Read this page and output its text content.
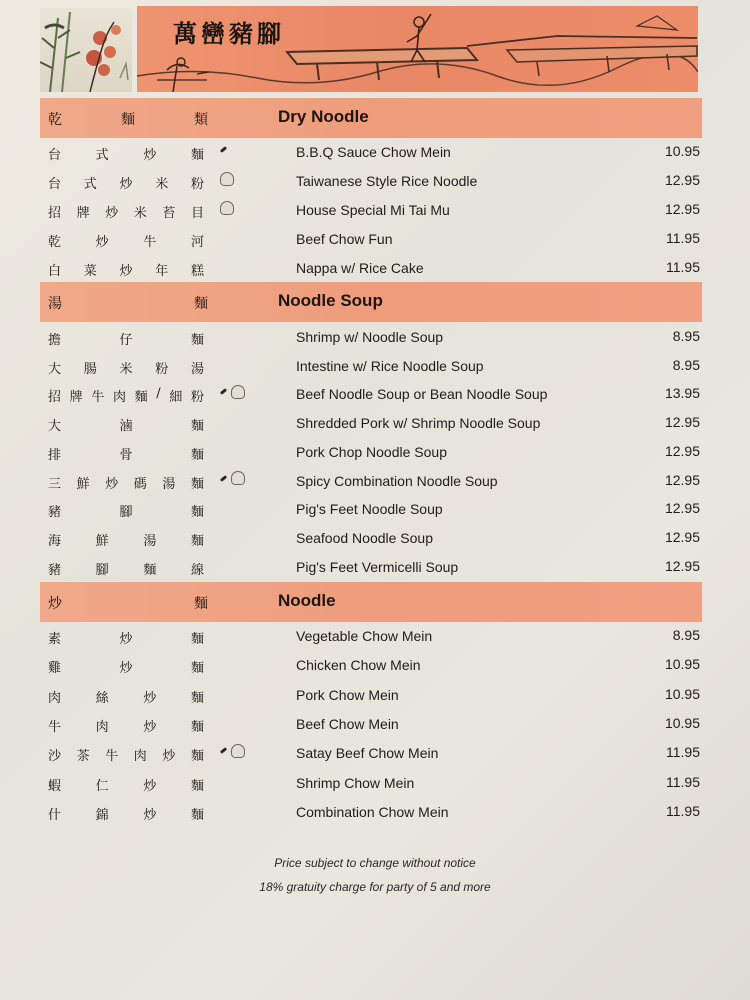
萬巒豬腳
乾	麵	類	Dry Noodle
台	式	炒	麵	B.B.Q Sauce Chow Mein	10.95
台 式 炒 米 粉	Taiwanese Style Rice Noodle	12.95
招 牌 炒 米 苔 目	House Special Mi Tai Mu	12.95
乾	炒	牛	河	Beef Chow Fun	11.95
白 菜 炒 年 糕	Nappa w/ Rice Cake	11.95
湯	麵	Noodle Soup
擔	仔	麵	Shrimp w/ Noodle Soup	8.95
大 腸 米 粉 湯	Intestine w/ Rice Noodle Soup	8.95
招 牌 牛 肉 麵 / 細 粉	Beef Noodle Soup or Bean Noodle Soup	13.95
大	滷	麵	Shredded Pork w/ Shrimp Noodle Soup	12.95
排	骨	麵	Pork Chop Noodle Soup	12.95
三 鮮 炒 碼 湯 麵	Spicy Combination Noodle Soup	12.95
豬	腳	麵	Pig's Feet Noodle Soup	12.95
海	鮮	湯	麵	Seafood Noodle Soup	12.95
豬	腳	麵	線	Pig's Feet Vermicelli Soup	12.95
炒	麵	Noodle
素	炒	麵	Vegetable Chow Mein	8.95
雞	炒	麵	Chicken Chow Mein	10.95
肉	絲	炒	麵	Pork Chow Mein	10.95
牛	肉	炒	麵	Beef Chow Mein	10.95
沙 茶 牛 肉 炒 麵	Satay Beef Chow Mein	11.95
蝦	仁	炒	麵	Shrimp Chow Mein	11.95
什	錦	炒	麵	Combination Chow Mein	11.95
Price subject to change without notice
18% gratuity charge for party of 5 and more
